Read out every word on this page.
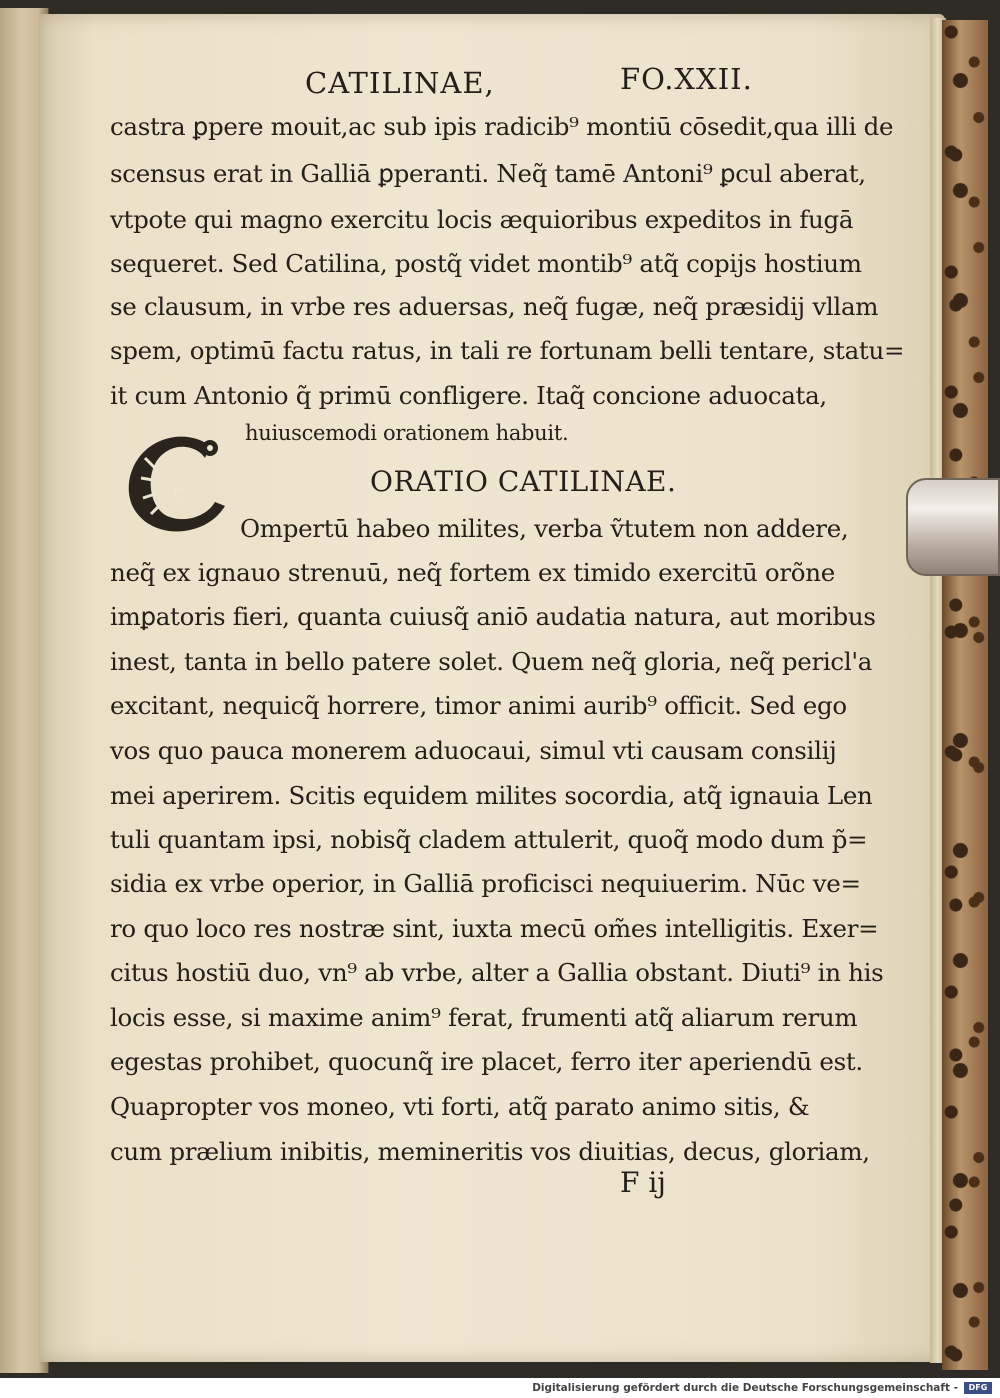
CATILINAE,	FO.XXII.
castra ꝑpere mouit,ac sub ipis radicib⁹ montiū cōsedit,qua illi de
scensus erat in Galliā ꝑperanti. Neq̃ tamē Antoni⁹ ꝑcul aberat,
vtpote qui magno exercitu locis æquioribus expeditos in fugā
sequeret. Sed Catilina, postq̃ videt montib⁹ atq̃ copijs hostium
se clausum, in vrbe res aduersas, neq̃ fugæ, neq̃ præsidij vllam
spem, optimū factu ratus, in tali re fortunam belli tentare, statu=
it cum Antonio q̃ primū confligere. Itaq̃ concione aduocata,
huiuscemodi orationem habuit.
C	ORATIO CATILINAE.
Ompertū habeo milites, verba ṽtutem non addere,
neq̃ ex ignauo strenuū, neq̃ fortem ex timido exercitū orõne
imꝑatoris fieri, quanta cuiusq̃ aniō audatia natura, aut moribus
inest, tanta in bello patere solet. Quem neq̃ gloria, neq̃ pericl'a
excitant, nequicq̃ horrere, timor animi aurib⁹ officit. Sed ego
vos quo pauca monerem aduocaui, simul vti causam consilij
mei aperirem. Scitis equidem milites socordia, atq̃ ignauia Len
tuli quantam ipsi, nobisq̃ cladem attulerit, quoq̃ modo dum p̃=
sidia ex vrbe operior, in Galliā proficisci nequiuerim. Nūc ve=
ro quo loco res nostræ sint, iuxta mecū om̃es intelligitis. Exer=
citus hostiū duo, vn⁹ ab vrbe, alter a Gallia obstant. Diuti⁹ in his
locis esse, si maxime anim⁹ ferat, frumenti atq̃ aliarum rerum
egestas prohibet, quocunq̃ ire placet, ferro iter aperiendū est.
Quapropter vos moneo, vti forti, atq̃ parato animo sitis, &
cum prælium inibitis, memineritis vos diuitias, decus, gloriam,
F ij
Digitalisierung gefördert durch die Deutsche Forschungsgemeinschaft -	DFG
